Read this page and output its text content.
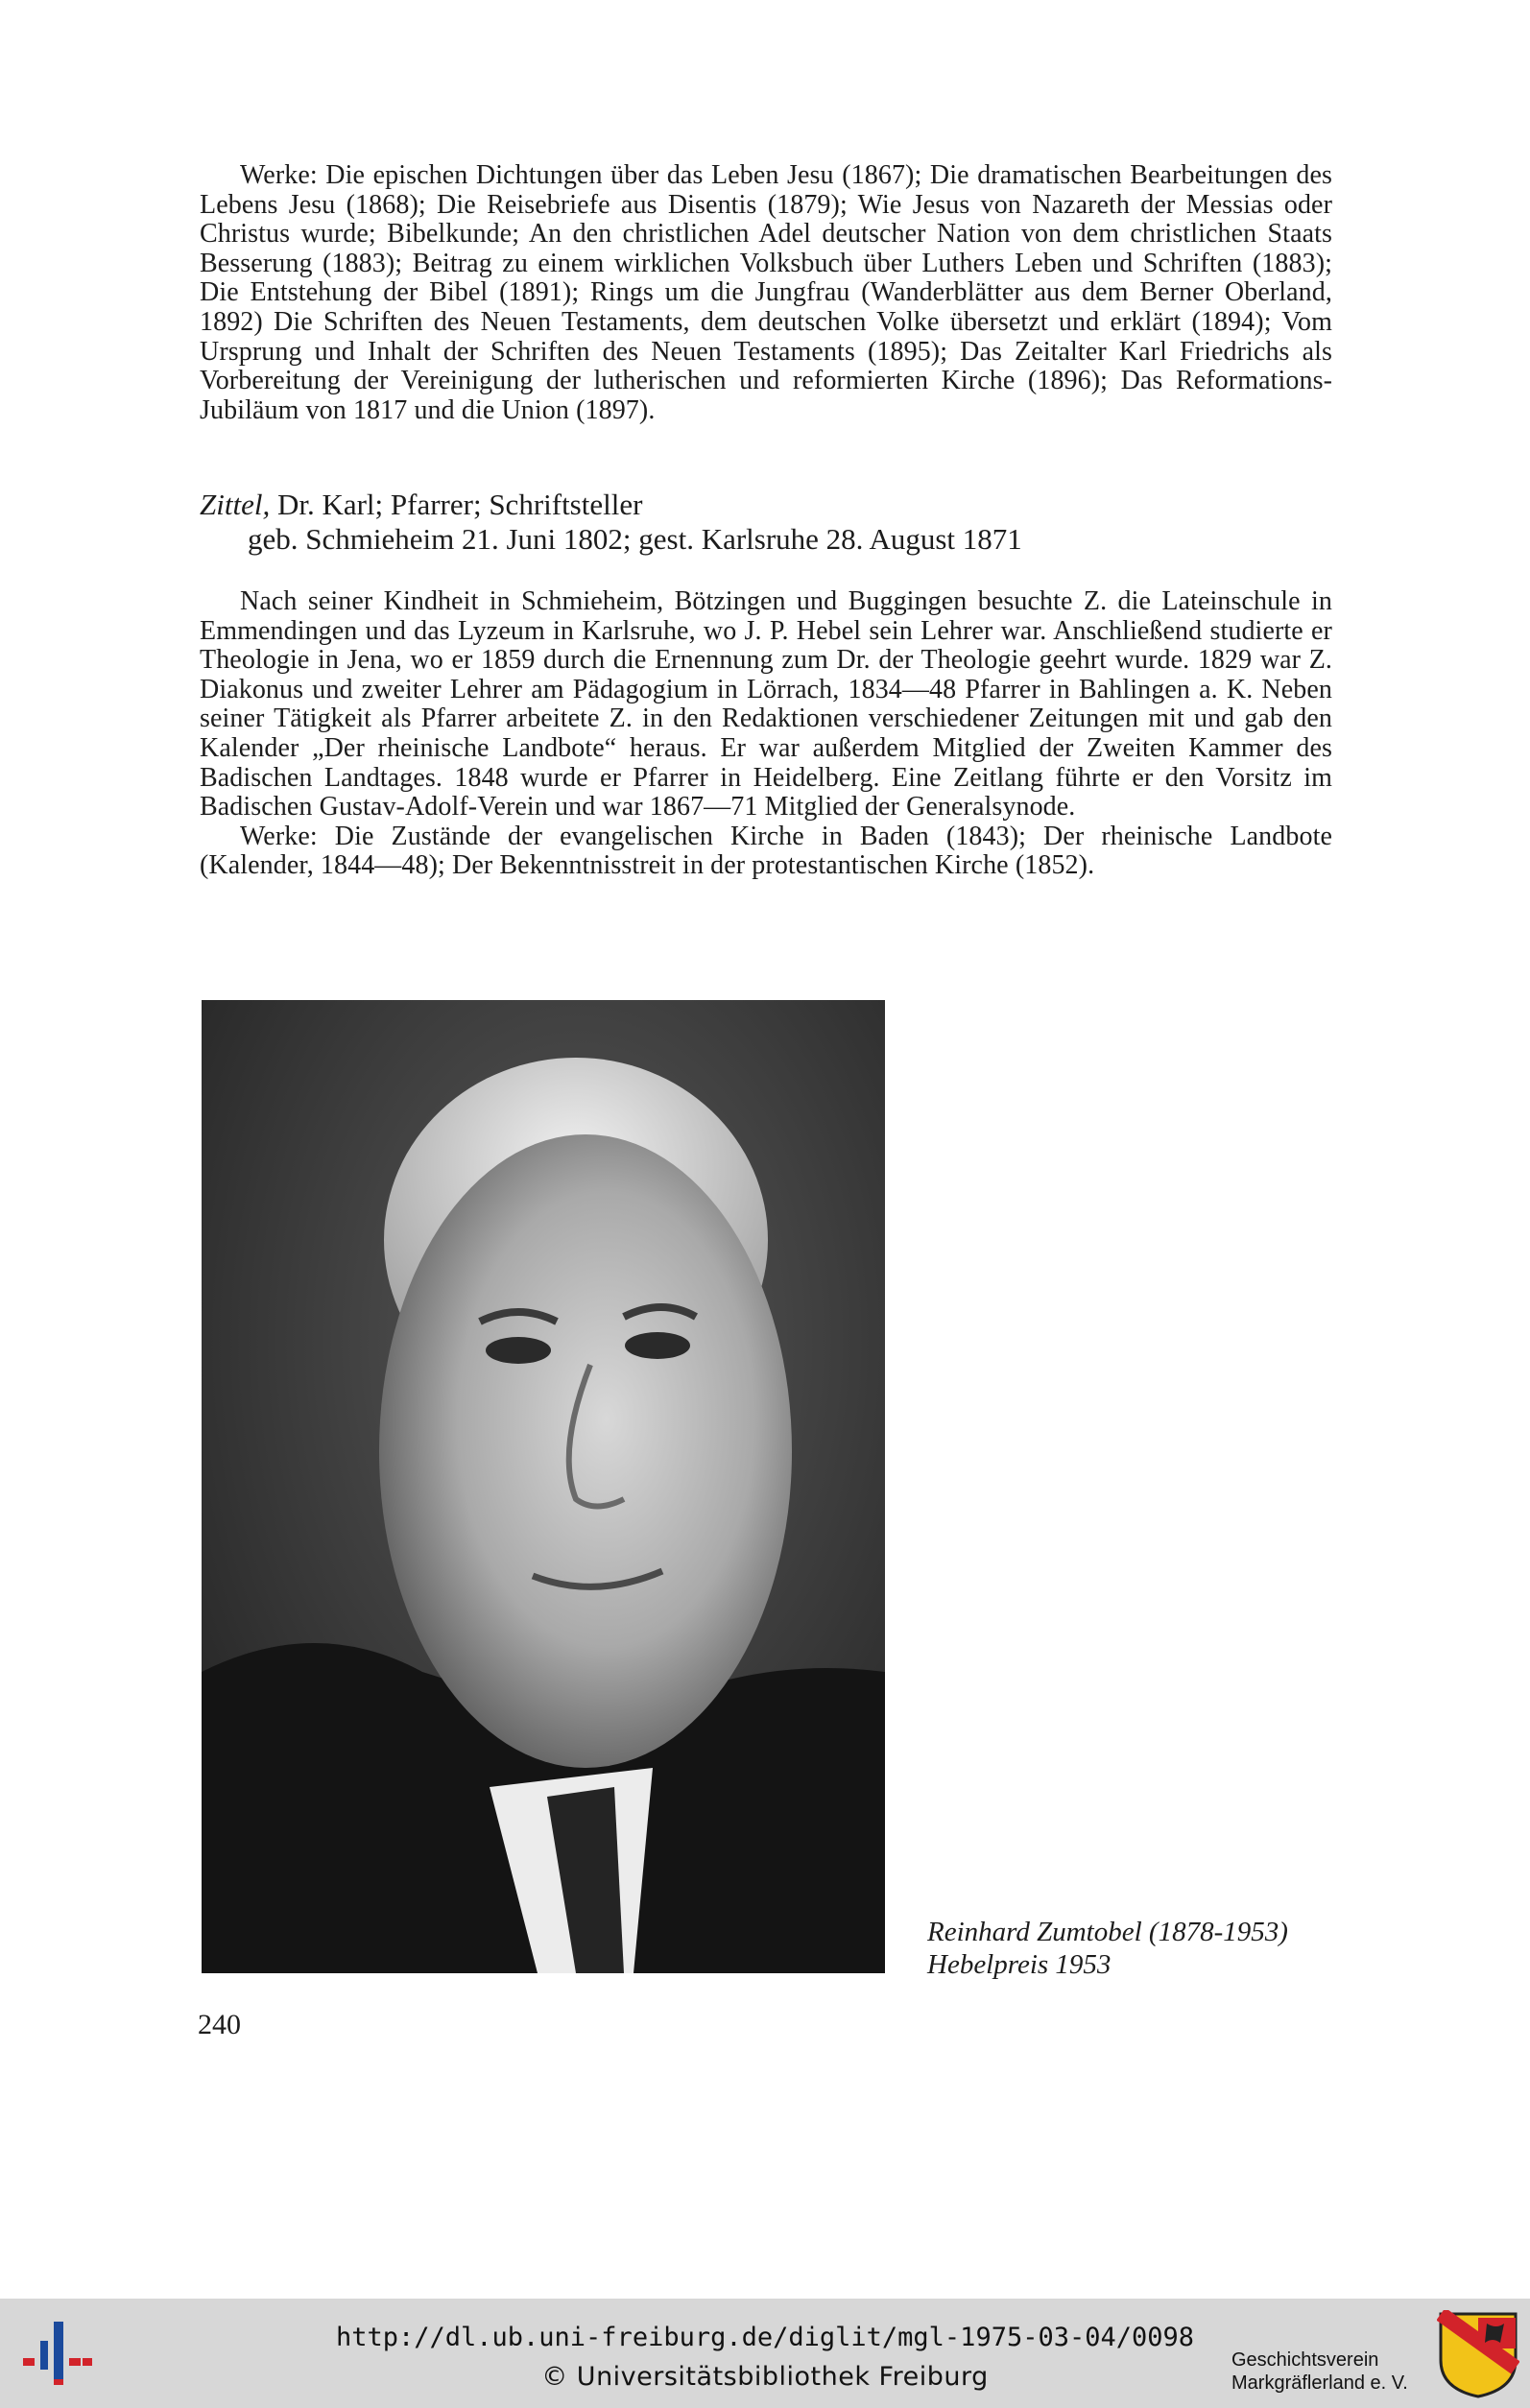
Werke: Die epischen Dichtungen über das Leben Jesu (1867); Die dramatischen Bearbeitungen des Lebens Jesu (1868); Die Reisebriefe aus Disentis (1879); Wie Jesus von Nazareth der Messias oder Christus wurde; Bibelkunde; An den christlichen Adel deutscher Nation von dem christlichen Staats Besserung (1883); Beitrag zu einem wirklichen Volksbuch über Luthers Leben und Schriften (1883); Die Entstehung der Bibel (1891); Rings um die Jungfrau (Wanderblätter aus dem Berner Oberland, 1892) Die Schriften des Neuen Testaments, dem deutschen Volke übersetzt und erklärt (1894); Vom Ursprung und Inhalt der Schriften des Neuen Testaments (1895); Das Zeitalter Karl Friedrichs als Vorbereitung der Vereinigung der lutherischen und reformierten Kirche (1896); Das Reformations-Jubiläum von 1817 und die Union (1897).

Zittel, Dr. Karl; Pfarrer; Schriftsteller

geb. Schmieheim 21. Juni 1802; gest. Karlsruhe 28. August 1871

Nach seiner Kindheit in Schmieheim, Bötzingen und Buggingen besuchte Z. die Lateinschule in Emmendingen und das Lyzeum in Karlsruhe, wo J. P. Hebel sein Lehrer war. Anschließend studierte er Theologie in Jena, wo er 1859 durch die Ernennung zum Dr. der Theologie geehrt wurde. 1829 war Z. Diakonus und zweiter Lehrer am Pädagogium in Lörrach, 1834—48 Pfarrer in Bahlingen a. K. Neben seiner Tätigkeit als Pfarrer arbeitete Z. in den Redaktionen verschiedener Zeitungen mit und gab den Kalender „Der rheinische Landbote“ heraus. Er war außerdem Mitglied der Zweiten Kammer des Badischen Landtages. 1848 wurde er Pfarrer in Heidelberg. Eine Zeitlang führte er den Vorsitz im Badischen Gustav-Adolf-Verein und war 1867—71 Mitglied der Generalsynode.

Werke: Die Zustände der evangelischen Kirche in Baden (1843); Der rheinische Landbote (Kalender, 1844—48); Der Bekenntnisstreit in der protestantischen Kirche (1852).

Reinhard Zumtobel (1878-1953)
Hebelpreis 1953
240
http://dl.ub.uni-freiburg.de/diglit/mgl-1975-03-04/0098
© Universitätsbibliothek Freiburg
Geschichtsverein
Markgräflerland e. V.
